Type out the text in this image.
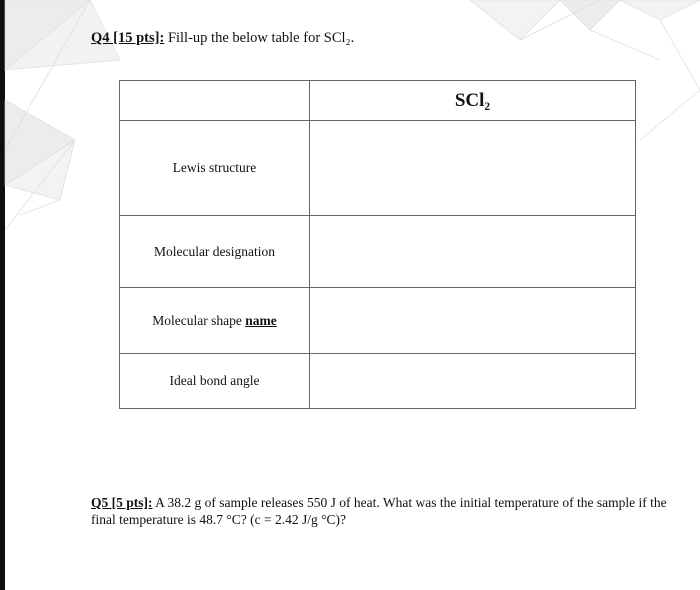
Q4 [15 pts]: Fill-up the below table for SCl₂.
	SCl₂
Lewis structure	
Molecular designation	
Molecular shape name	
Ideal bond angle	
Q5 [5 pts]: A 38.2 g of sample releases 550 J of heat. What was the initial temperature of the sample if the final temperature is 48.7 °C? (c = 2.42 J/g °C)?
